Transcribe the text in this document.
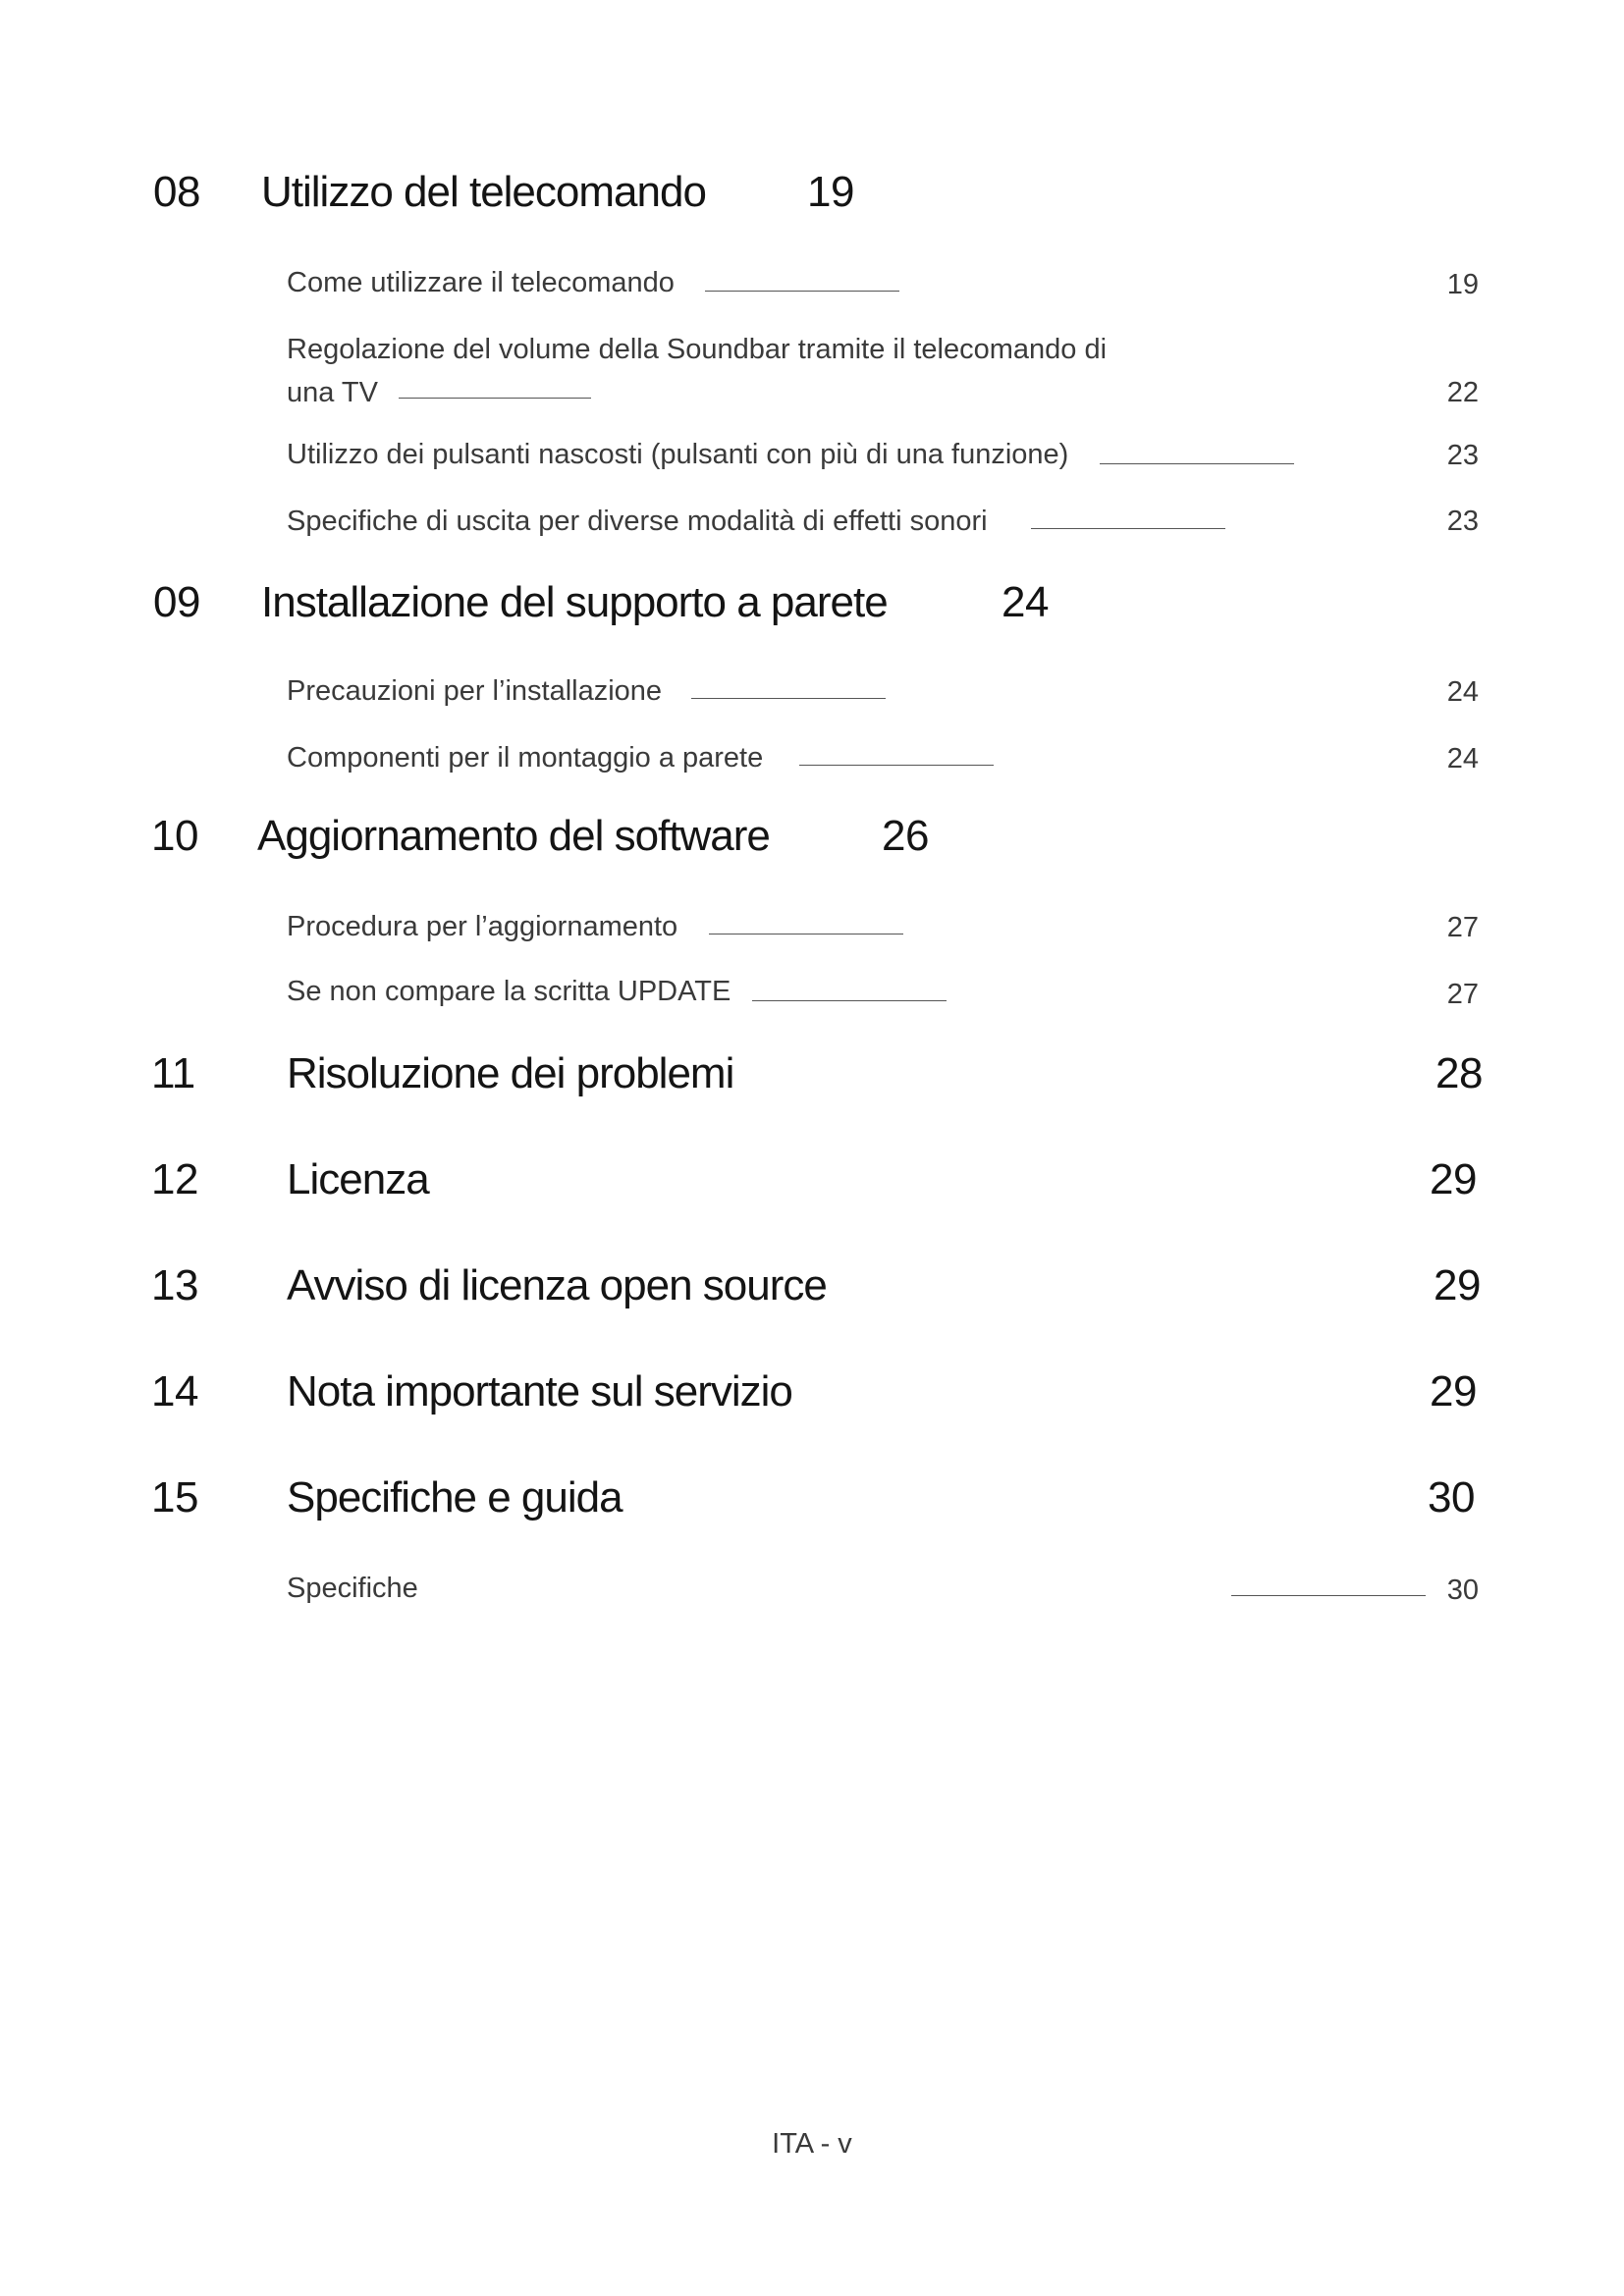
08 Utilizzo del telecomando 19
Come utilizzare il telecomando	19
Regolazione del volume della Soundbar tramite il telecomando di
una TV	22
Utilizzo dei pulsanti nascosti (pulsanti con più di una funzione)	23
Specifiche di uscita per diverse modalità di effetti sonori	23
09 Installazione del supporto a parete	24
Precauzioni per l’installazione	24
Componenti per il montaggio a parete	24
10 Aggiornamento del software	26
Procedura per l’aggiornamento	27
Se non compare la scritta UPDATE	27
11 Risoluzione dei problemi	28
12 Licenza	29
13 Avviso di licenza open source	29
14 Nota importante sul servizio	29
15 Specifiche e guida	30
Specifiche	30
ITA - v
